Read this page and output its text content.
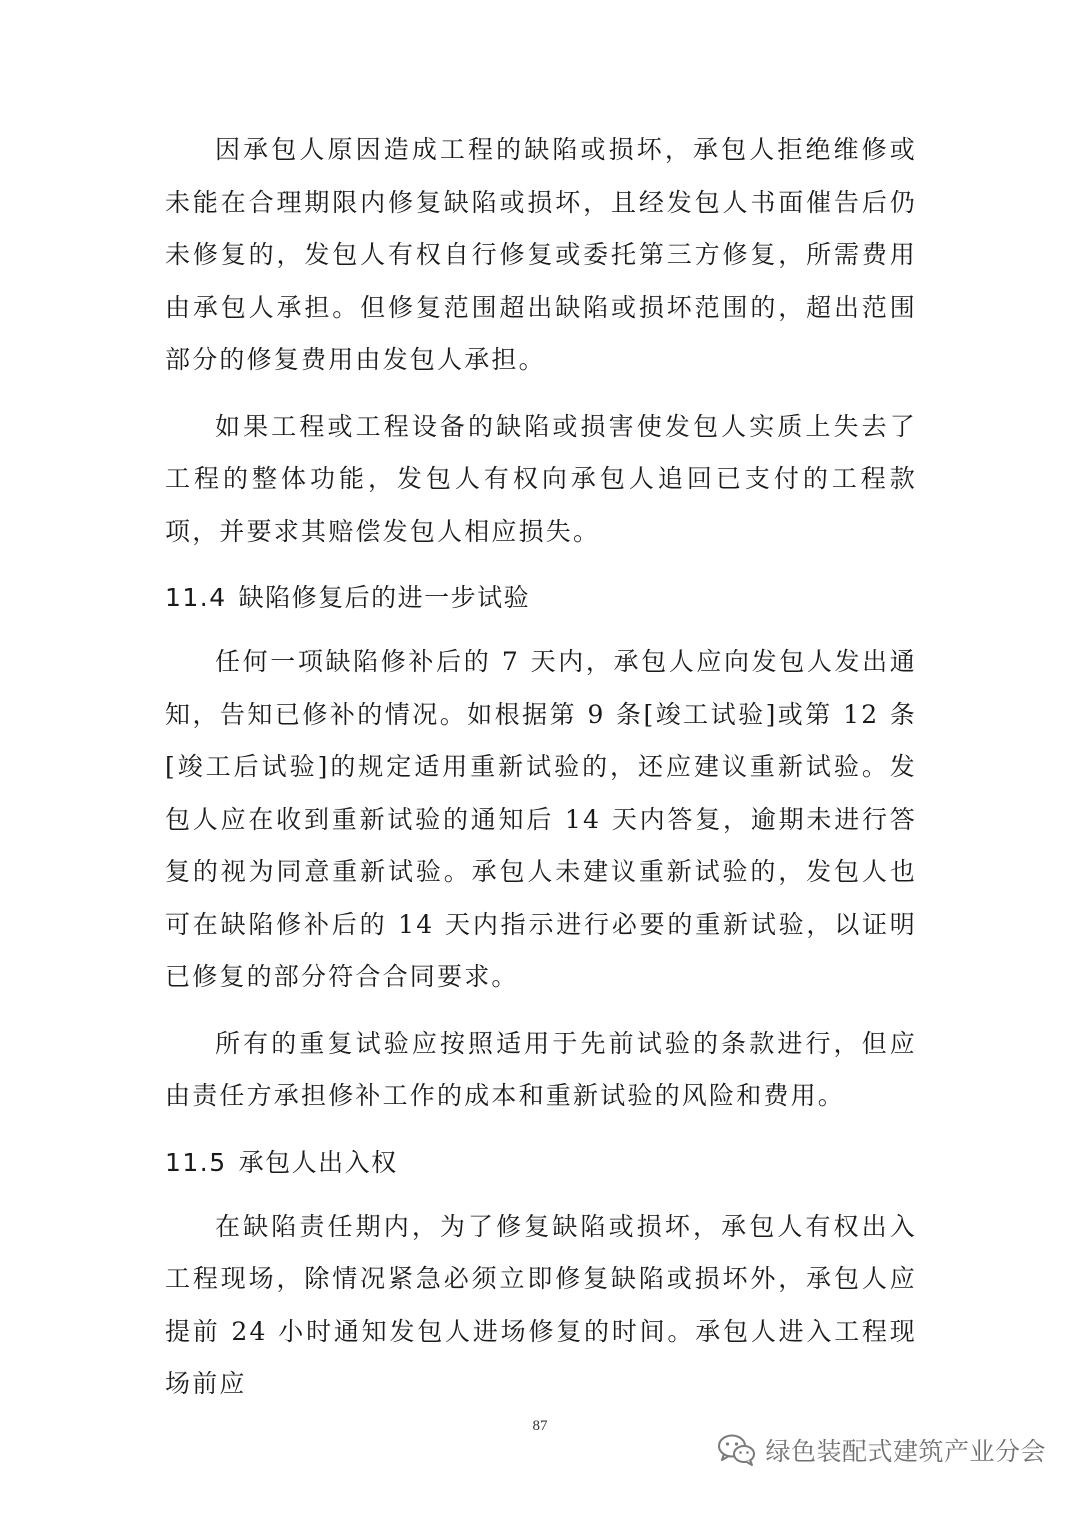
因承包人原因造成工程的缺陷或损坏，承包人拒绝维修或未能在合理期限内修复缺陷或损坏，且经发包人书面催告后仍未修复的，发包人有权自行修复或委托第三方修复，所需费用由承包人承担。但修复范围超出缺陷或损坏范围的，超出范围部分的修复费用由发包人承担。

如果工程或工程设备的缺陷或损害使发包人实质上失去了工程的整体功能，发包人有权向承包人追回已支付的工程款项，并要求其赔偿发包人相应损失。

11.4 缺陷修复后的进一步试验

任何一项缺陷修补后的 7 天内，承包人应向发包人发出通知，告知已修补的情况。如根据第 9 条[竣工试验]或第 12 条[竣工后试验]的规定适用重新试验的，还应建议重新试验。发包人应在收到重新试验的通知后 14 天内答复，逾期未进行答复的视为同意重新试验。承包人未建议重新试验的，发包人也可在缺陷修补后的 14 天内指示进行必要的重新试验，以证明已修复的部分符合合同要求。

所有的重复试验应按照适用于先前试验的条款进行，但应由责任方承担修补工作的成本和重新试验的风险和费用。

11.5 承包人出入权

在缺陷责任期内，为了修复缺陷或损坏，承包人有权出入工程现场，除情况紧急必须立即修复缺陷或损坏外，承包人应提前 24 小时通知发包人进场修复的时间。承包人进入工程现场前应

87
绿色装配式建筑产业分会
